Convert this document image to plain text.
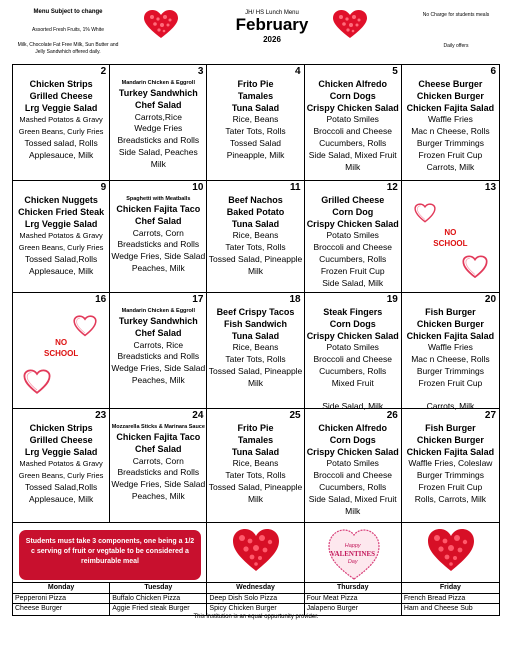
Menu Subject to change
Assorted Fresh Fruits, 1% White
Milk, Chocolate Fat Free Milk, Sun Butter and Jelly Sandwhich offered daily.
JH/ HS Lunch Menu
February
2026
No Charge for students meals
Daily offers
2
Chicken Strips
Grilled Cheese
Lrg Veggie Salad
Mashed Potatos & Gravy
Green Beans, Curly Fries
Tossed salad, Rolls
Applesauce, Milk
3
Mandarin Chicken & Eggroll
Turkey Sandwhich
Chef Salad
Carrots,Rice
Wedge Fries
Breadsticks and Rolls
Side Salad, Peaches
Milk
4
Frito Pie
Tamales
Tuna Salad
Rice, Beans
Tater Tots, Rolls
Tossed Salad
Pineapple, Milk
5
Chicken Alfredo
Corn Dogs
Crispy Chicken Salad
Potato Smiles
Broccoli and Cheese
Cucumbers, Rolls
Side Salad, Mixed Fruit
Milk
6
Cheese Burger
Chicken Burger
Chicken Fajita Salad
Waffle Fries
Mac n Cheese, Rolls
Burger Trimmings
Frozen Fruit Cup
Carrots, Milk
9
Chicken Nuggets
Chicken Fried Steak
Lrg Veggie Salad
Mashed Potatos & Gravy
Green Beans, Curly Fries
Tossed Salad,Rolls
Applesauce, Milk
10
Spaghetti with Meatballs
Chicken Fajita Taco
Chef Salad
Carrots, Corn
Breadsticks and Rolls
Wedge Fries, Side Salad
Peaches, Milk
11
Beef Nachos
Baked Potato
Tuna Salad
Rice, Beans
Tater Tots, Rolls
Tossed Salad, Pineapple
Milk
12
Grilled Cheese
Corn Dog
Crispy Chicken Salad
Potato Smiles
Broccoli and Cheese
Cucumbers, Rolls
Frozen Fruit Cup
Side Salad, Milk
13
NO
SCHOOL
16
NO
SCHOOL
17
Mandarin Chicken & Eggroll
Turkey Sandwhich
Chef Salad
Carrots, Rice
Breadsticks and Rolls
Wedge Fries, Side Salad
Peaches, Milk
18
Beef Crispy Tacos
Fish Sandwich
Tuna Salad
Rice, Beans
Tater Tots, Rolls
Tossed Salad, Pineapple
Milk
19
Steak Fingers
Corn Dogs
Crispy Chicken Salad
Potato Smiles
Broccoli and Cheese
Cucumbers, Rolls
Mixed Fruit
Side Salad, Milk
20
Fish Burger
Chicken Burger
Chicken Fajita Salad
Waffle Fries
Mac n Cheese, Rolls
Burger Trimmings
Frozen Fruit Cup
Carrots, Milk
23
Chicken Strips
Grilled Cheese
Lrg Veggie Salad
Mashed Potatos & Gravy
Green Beans, Curly Fries
Tossed Salad,Rolls
Applesauce, Milk
24
Mozzarella Sticks & Marinara Sauce
Chicken Fajita Taco
Chef Salad
Carrots, Corn
Breadsticks and Rolls
Wedge Fries, Side Salad
Peaches, Milk
25
Frito Pie
Tamales
Tuna Salad
Rice, Beans
Tater Tots, Rolls
Tossed Salad, Pineapple
Milk
26
Chicken Alfredo
Corn Dogs
Crispy Chicken Salad
Potato Smiles
Broccoli and Cheese
Cucumbers, Rolls
Side Salad, Mixed Fruit
Milk
27
Fish Burger
Chicken Burger
Chicken Fajita Salad
Waffle Fries, Coleslaw
Burger Trimmings
Frozen Fruit Cup
Rolls, Carrots, Milk
Students must take 3 components, one being a 1/2 c serving of fruit or vegtable to be considered a reimburable meal
Happy
VALENTINES
Day
Monday	Tuesday	Wednesday	Thursday	Friday
Pepperoni Pizza	Buffalo Chicken Pizza	Deep Dish Solo Pizza	Four Meat Pizza	French Bread Pizza
Cheese Burger	Aggie Fried steak Burger	Spicy Chicken Burger	Jalapeno Burger	Ham and Cheese Sub
This institution is an equal oppurtunity provider.
